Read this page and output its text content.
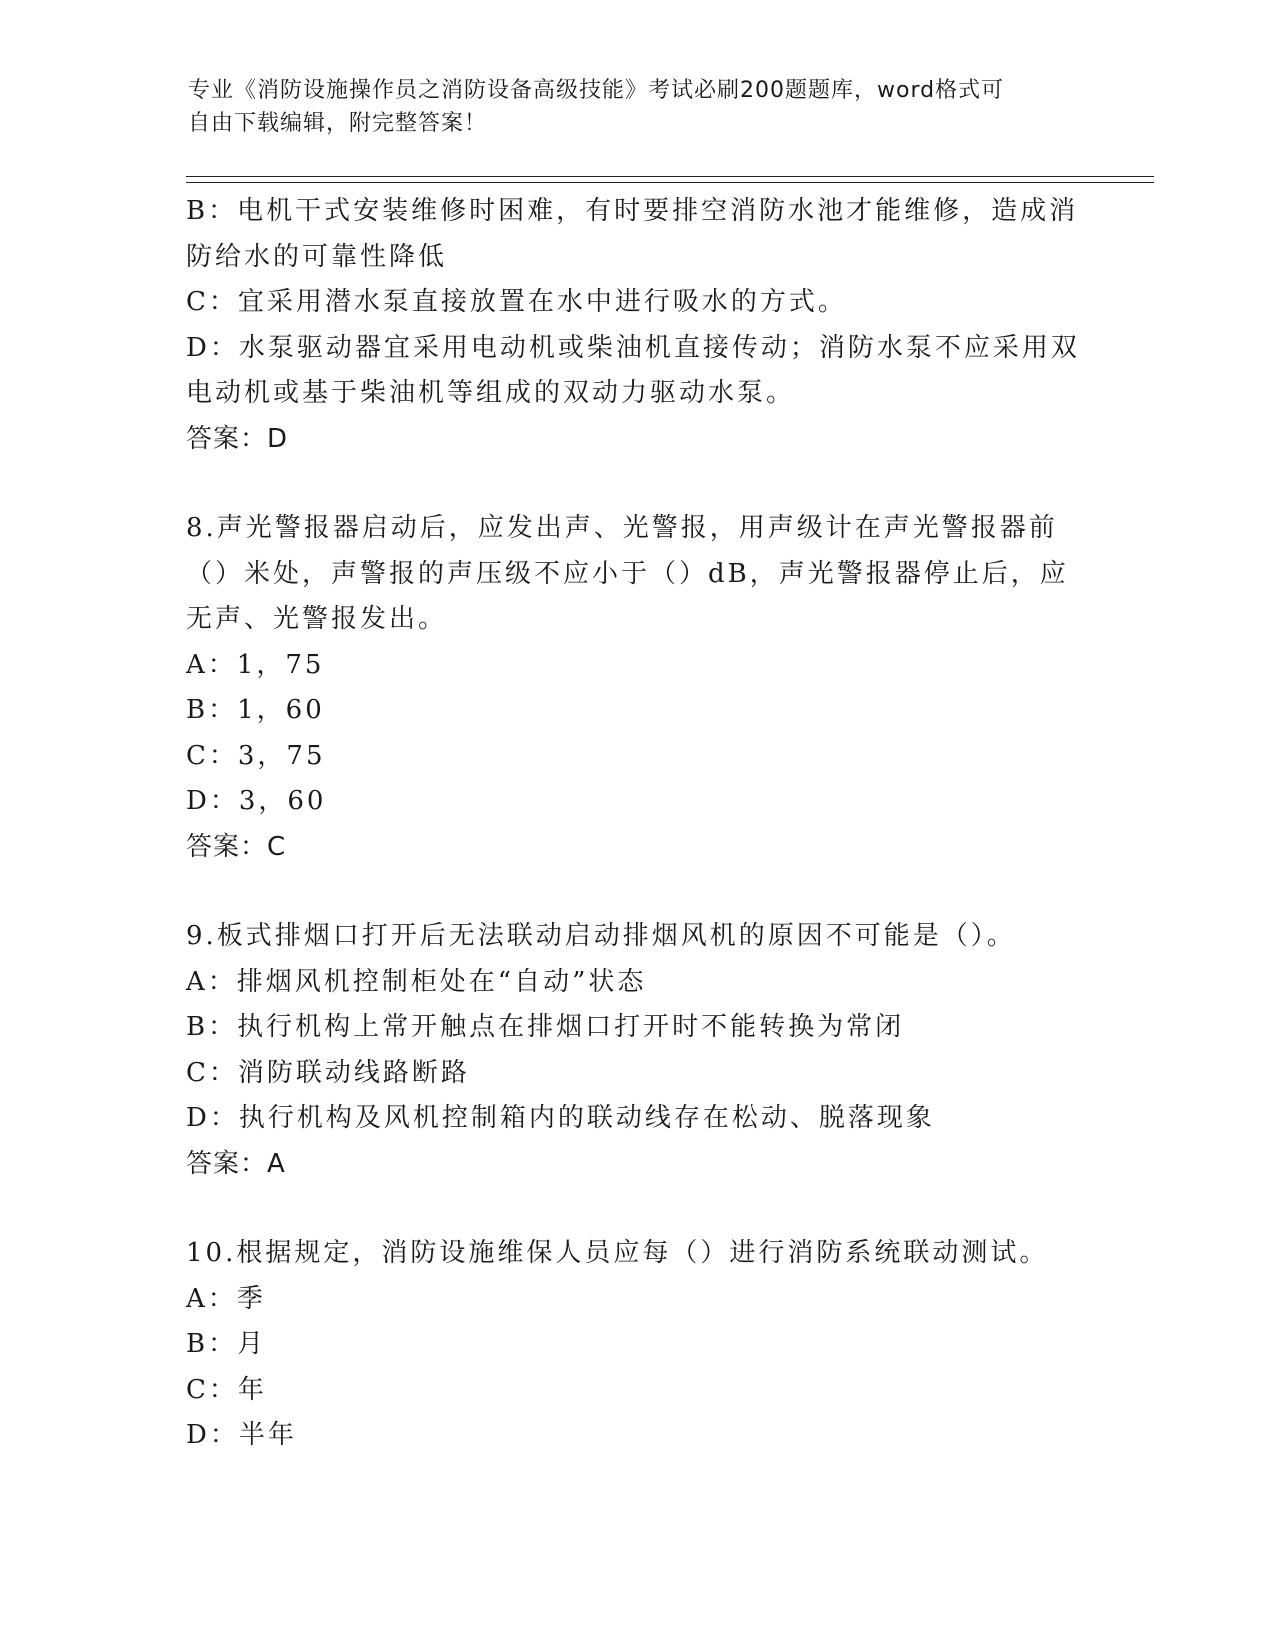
专业《消防设施操作员之消防设备高级技能》考试必刷200题题库，word格式可
自由下载编辑，附完整答案！
B：电机干式安装维修时困难，有时要排空消防水池才能维修，造成消
防给水的可靠性降低
C：宜采用潜水泵直接放置在水中进行吸水的方式。
D：水泵驱动器宜采用电动机或柴油机直接传动；消防水泵不应采用双
电动机或基于柴油机等组成的双动力驱动水泵。
答案：D
8.声光警报器启动后，应发出声、光警报，用声级计在声光警报器前
（）米处，声警报的声压级不应小于（）dB，声光警报器停止后，应
无声、光警报发出。
A：1，75
B：1，60
C：3，75
D：3，60
答案：C
9.板式排烟口打开后无法联动启动排烟风机的原因不可能是（）。
A：排烟风机控制柜处在“自动”状态
B：执行机构上常开触点在排烟口打开时不能转换为常闭
C：消防联动线路断路
D：执行机构及风机控制箱内的联动线存在松动、脱落现象
答案：A
10.根据规定，消防设施维保人员应每（）进行消防系统联动测试。
A：季
B：月
C：年
D：半年
